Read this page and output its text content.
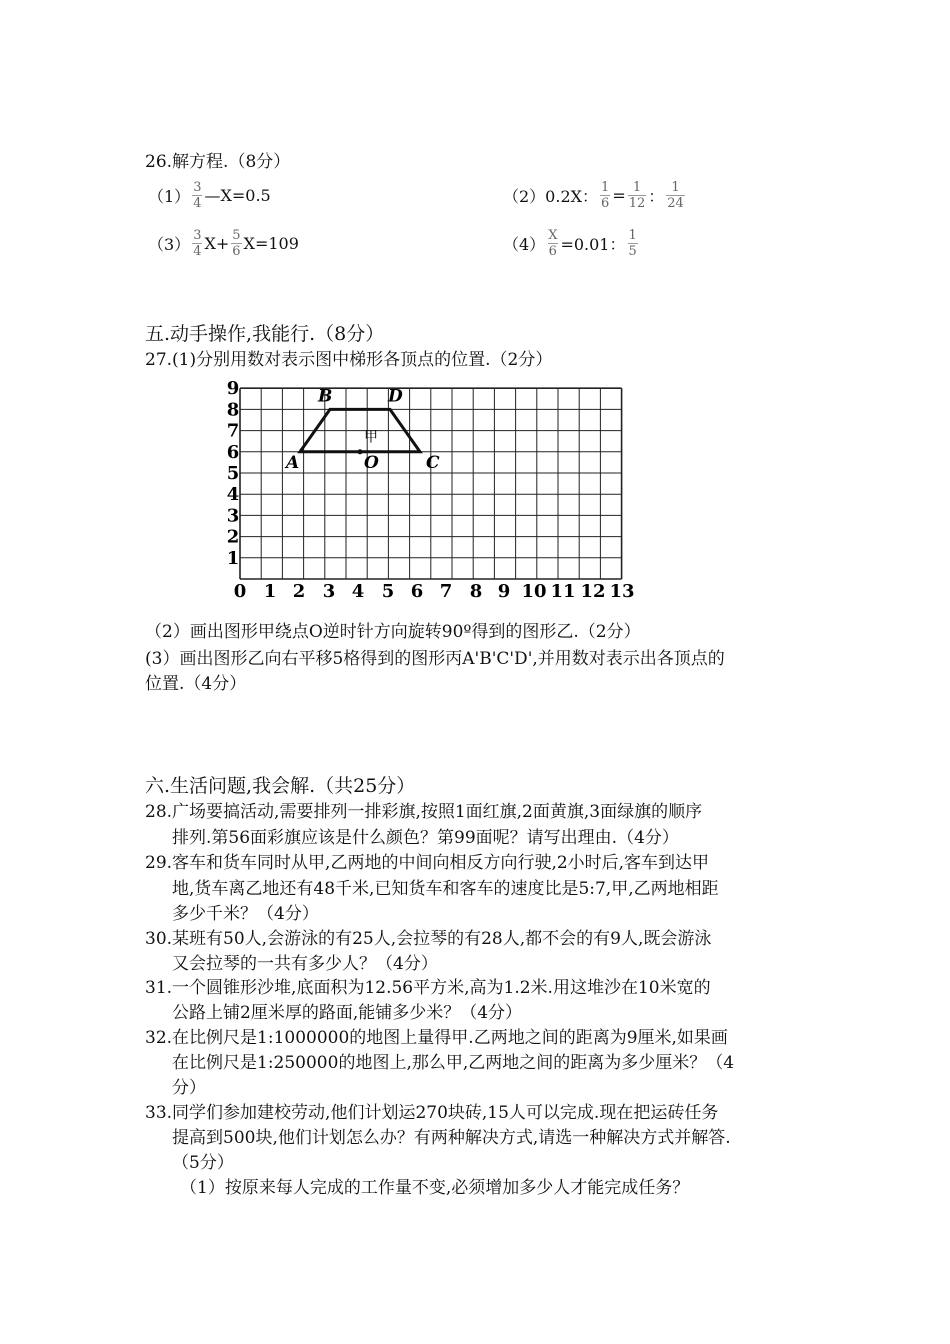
26.解方程.（8分）
$(1) \frac{3}{4}$ —X=0.5	（2）0.2X： $\frac{1}{6} = \frac{1}{12}$ ： $\frac{1}{24}$
$(3) \frac{3}{4} X+ \frac{5}{6} X=109$	$(4) \frac{X}{6} =0.01$： $\frac{1}{5}$
五.动手操作,我能行.（8分）
27.(1)分别用数对表示图中梯形各顶点的位置.（2分）
0 1 2 3 4 5 6 7 8 9 10 11 12 13
1
2
3
4
5
6
7
8
9
A
B	D
C
O
甲
（2）画出图形甲绕点O逆时针方向旋转90º得到的图形乙.（2分）
(3）画出图形乙向右平移5格得到的图形丙A'B'C'D',并用数对表示出各顶点的
位置.（4分）
六.生活问题,我会解.（共25分）
28.广场要搞活动,需要排列一排彩旗,按照1面红旗,2面黄旗,3面绿旗的顺序
排列.第56面彩旗应该是什么颜色？第99面呢？请写出理由.（4分）
29.客车和货车同时从甲,乙两地的中间向相反方向行驶,2小时后,客车到达甲
地,货车离乙地还有48千米,已知货车和客车的速度比是5:7,甲,乙两地相距
多少千米？（4分）
30.某班有50人,会游泳的有25人,会拉琴的有28人,都不会的有9人,既会游泳
又会拉琴的一共有多少人？（4分）
31.一个圆锥形沙堆,底面积为12.56平方米,高为1.2米.用这堆沙在10米宽的
公路上铺2厘米厚的路面,能铺多少米？（4分）
32.在比例尺是1:1000000的地图上量得甲.乙两地之间的距离为9厘米,如果画
在比例尺是1:250000的地图上,那么甲,乙两地之间的距离为多少厘米？（4
分）
33.同学们参加建校劳动,他们计划运270块砖,15人可以完成.现在把运砖任务
提高到500块,他们计划怎么办？有两种解决方式,请选一种解决方式并解答.
（5分）
（1）按原来每人完成的工作量不变,必须增加多少人才能完成任务？
